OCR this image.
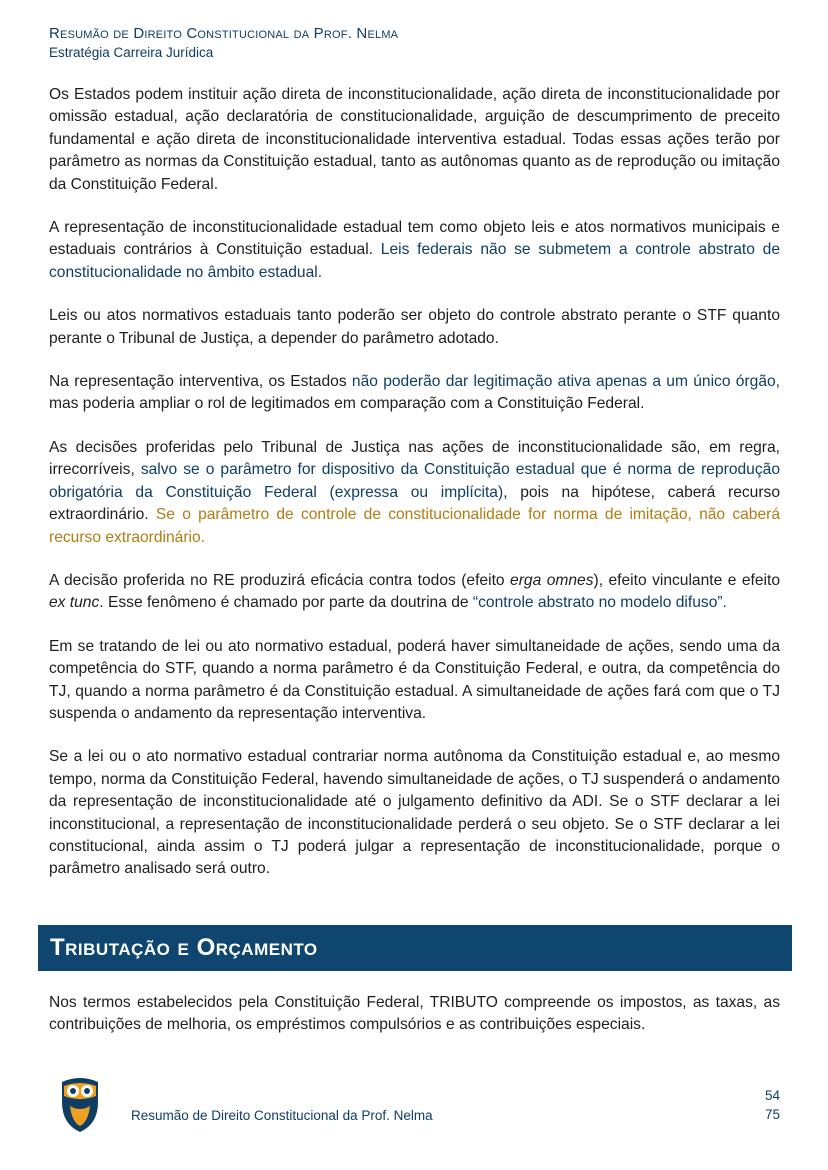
Resumão de Direito Constitucional da Prof. Nelma
Estratégia Carreira Jurídica

Os Estados podem instituir ação direta de inconstitucionalidade, ação direta de inconstitucionalidade por omissão estadual, ação declaratória de constitucionalidade, arguição de descumprimento de preceito fundamental e ação direta de inconstitucionalidade interventiva estadual. Todas essas ações terão por parâmetro as normas da Constituição estadual, tanto as autônomas quanto as de reprodução ou imitação da Constituição Federal.

A representação de inconstitucionalidade estadual tem como objeto leis e atos normativos municipais e estaduais contrários à Constituição estadual. Leis federais não se submetem a controle abstrato de constitucionalidade no âmbito estadual.

Leis ou atos normativos estaduais tanto poderão ser objeto do controle abstrato perante o STF quanto perante o Tribunal de Justiça, a depender do parâmetro adotado.

Na representação interventiva, os Estados não poderão dar legitimação ativa apenas a um único órgão, mas poderia ampliar o rol de legitimados em comparação com a Constituição Federal.

As decisões proferidas pelo Tribunal de Justiça nas ações de inconstitucionalidade são, em regra, irrecorríveis, salvo se o parâmetro for dispositivo da Constituição estadual que é norma de reprodução obrigatória da Constituição Federal (expressa ou implícita), pois na hipótese, caberá recurso extraordinário. Se o parâmetro de controle de constitucionalidade for norma de imitação, não caberá recurso extraordinário.

A decisão proferida no RE produzirá eficácia contra todos (efeito erga omnes), efeito vinculante e efeito ex tunc. Esse fenômeno é chamado por parte da doutrina de “controle abstrato no modelo difuso”.

Em se tratando de lei ou ato normativo estadual, poderá haver simultaneidade de ações, sendo uma da competência do STF, quando a norma parâmetro é da Constituição Federal, e outra, da competência do TJ, quando a norma parâmetro é da Constituição estadual. A simultaneidade de ações fará com que o TJ suspenda o andamento da representação interventiva.

Se a lei ou o ato normativo estadual contrariar norma autônoma da Constituição estadual e, ao mesmo tempo, norma da Constituição Federal, havendo simultaneidade de ações, o TJ suspenderá o andamento da representação de inconstitucionalidade até o julgamento definitivo da ADI. Se o STF declarar a lei inconstitucional, a representação de inconstitucionalidade perderá o seu objeto. Se o STF declarar a lei constitucional, ainda assim o TJ poderá julgar a representação de inconstitucionalidade, porque o parâmetro analisado será outro.

Tributação e Orçamento

Nos termos estabelecidos pela Constituição Federal, TRIBUTO compreende os impostos, as taxas, as contribuições de melhoria, os empréstimos compulsórios e as contribuições especiais.

Resumão de Direito Constitucional da Prof. Nelma
54
75
